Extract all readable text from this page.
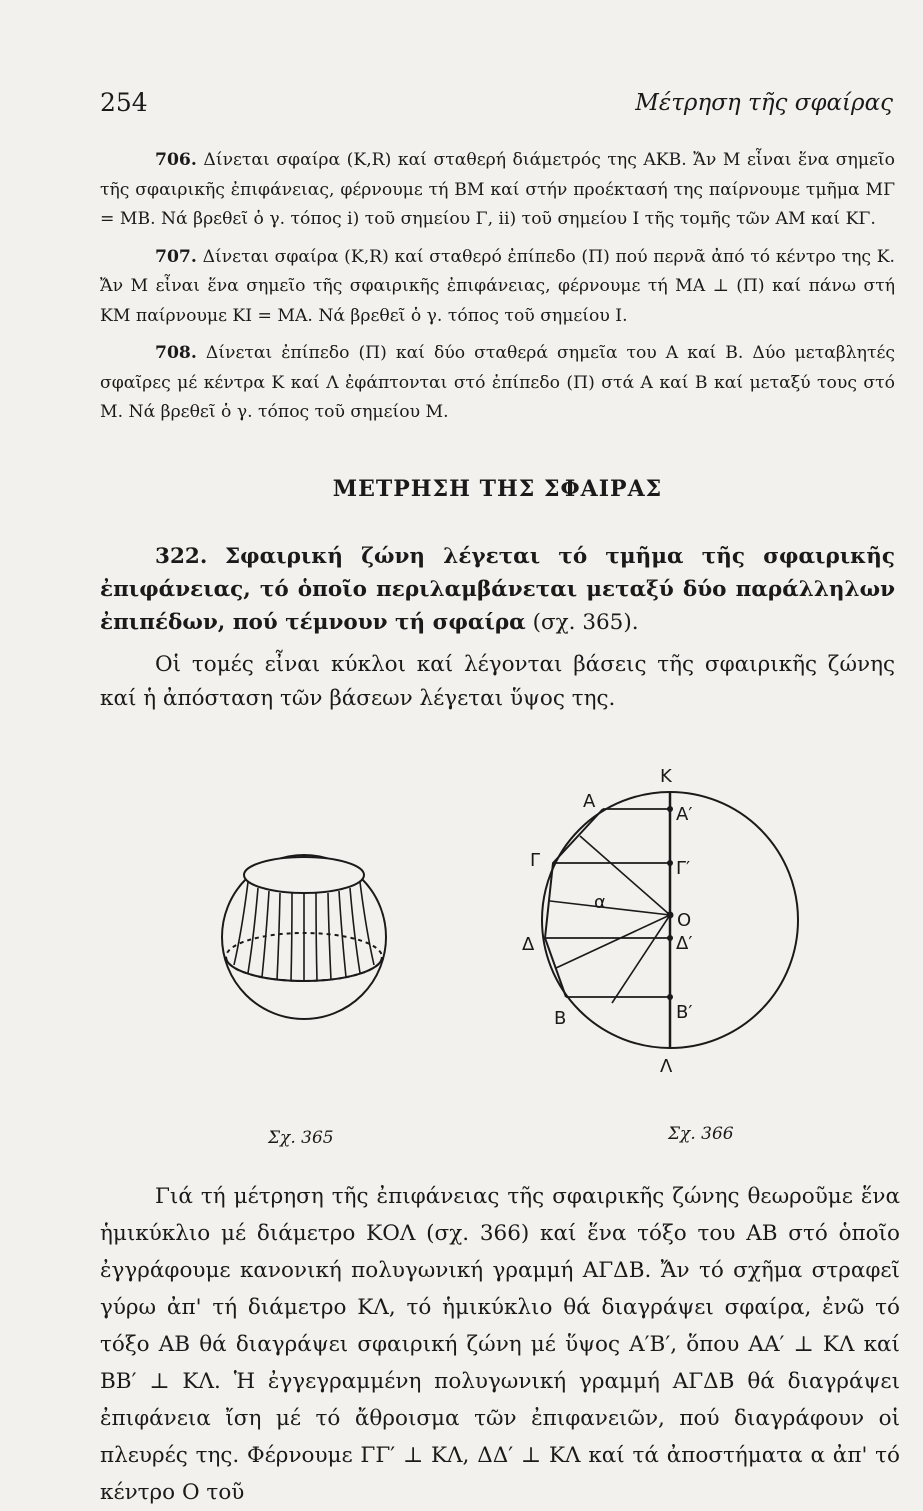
254	Μέτρηση τῆς σφαίρας

706. Δίνεται σφαίρα (Κ,R) καί σταθερή διάμετρός της ΑΚΒ. Ἄν Μ εἶναι ἕνα σημεῖο τῆς σφαιρικῆς ἐπιφάνειας, φέρνουμε τή ΒΜ καί στήν προέκτασή της παίρνουμε τμῆμα ΜΓ = ΜΒ. Νά βρεθεῖ ὁ γ. τόπος i) τοῦ σημείου Γ, ii) τοῦ σημείου Ι τῆς τομῆς τῶν ΑΜ καί ΚΓ.

707. Δίνεται σφαίρα (Κ,R) καί σταθερό ἐπίπεδο (Π) πού περνᾶ ἀπό τό κέντρο της Κ. Ἄν Μ εἶναι ἕνα σημεῖο τῆς σφαιρικῆς ἐπιφάνειας, φέρνουμε τή ΜΑ ⊥ (Π) καί πάνω στή ΚΜ παίρνουμε ΚΙ = ΜΑ. Νά βρεθεῖ ὁ γ. τόπος τοῦ σημείου Ι.

708. Δίνεται ἐπίπεδο (Π) καί δύο σταθερά σημεῖα του Α καί Β. Δύο μεταβλητές σφαῖρες μέ κέντρα Κ καί Λ ἐφάπτονται στό ἐπίπεδο (Π) στά Α καί Β καί μεταξύ τους στό Μ. Νά βρεθεῖ ὁ γ. τόπος τοῦ σημείου Μ.

ΜΕΤΡΗΣΗ ΤΗΣ ΣΦΑΙΡΑΣ

322. Σφαιρική ζώνη λέγεται τό τμῆμα τῆς σφαιρικῆς ἐπιφάνειας, τό ὁποῖο περιλαμβάνεται μεταξύ δύο παράλληλων ἐπιπέδων, πού τέμνουν τή σφαίρα (σχ. 365).

Οἱ τομές εἶναι κύκλοι καί λέγονται βάσεις τῆς σφαιρικῆς ζώνης καί ἡ ἀπόσταση τῶν βάσεων λέγεται ὕψος της.

Κ
Α
Α′
Γ	Γ′
α
Ο
Δ	Δ′
Β	Β′
Λ
Σχ. 365	Σχ. 366

Γιά τή μέτρηση τῆς ἐπιφάνειας τῆς σφαιρικῆς ζώνης θεωροῦμε ἕνα ἡμικύκλιο μέ διάμετρο ΚΟΛ (σχ. 366) καί ἕνα τόξο του ΑΒ στό ὁποῖο ἐγγράφουμε κανονική πολυγωνική γραμμή ΑΓΔΒ. Ἄν τό σχῆμα στραφεῖ γύρω ἀπ' τή διάμετρο ΚΛ, τό ἡμικύκλιο θά διαγράψει σφαίρα, ἐνῶ τό τόξο ΑΒ θά διαγράψει σφαιρική ζώνη μέ ὕψος Α′Β′, ὅπου ΑΑ′ ⊥ ΚΛ καί ΒΒ′ ⊥ ΚΛ. Ἡ ἐγγεγραμμένη πολυγωνική γραμμή ΑΓΔΒ θά διαγράψει ἐπιφάνεια ἴση μέ τό ἄθροισμα τῶν ἐπιφανειῶν, πού διαγράφουν οἱ πλευρές της. Φέρνουμε ΓΓ′ ⊥ ΚΛ, ΔΔ′ ⊥ ΚΛ καί τά ἀποστήματα α ἀπ' τό κέντρο Ο τοῦ
